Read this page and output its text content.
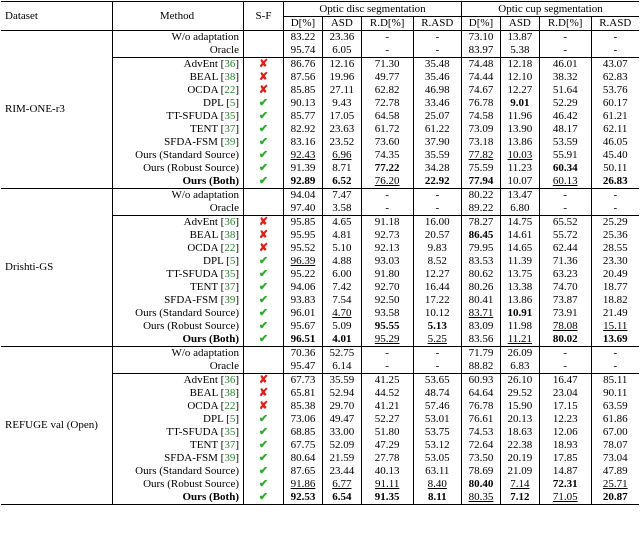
Dataset	Method	S-F	Optic disc segmentation				Optic cup segmentation			
			D[%]	ASD	R.D[%]	R.ASD	D[%]	ASD	R.D[%]	R.ASD
RIM-ONE-r3	W/o adaptation		83.22	23.36	-	-	73.10	13.87	-	-
	Oracle		95.74	6.05	-	-	83.97	5.38	-	-
	AdvEnt [36]	✘	86.76	12.16	71.30	35.48	74.48	12.18	46.01	43.07
	BEAL [38]	✘	87.56	19.96	49.77	35.46	74.44	12.10	38.32	62.83
	OCDA [22]	✘	85.85	27.11	62.82	46.98	74.67	12.27	51.64	53.76
	DPL [5]	✔	90.13	9.43	72.78	33.46	76.78	9.01	52.29	60.17
	TT-SFUDA [35]	✔	85.77	17.05	64.58	25.07	74.58	11.96	46.42	61.21
	TENT [37]	✔	82.92	23.63	61.72	61.22	73.09	13.90	48.17	62.11
	SFDA-FSM [39]	✔	83.16	23.52	73.60	37.90	73.18	13.86	53.59	46.05
	Ours (Standard Source)	✔	92.43	6.96	74.35	35.59	77.82	10.03	55.91	45.40
	Ours (Robust Source)	✔	91.39	8.71	77.22	34.28	75.59	11.23	60.34	50.11
	Ours (Both)	✔	92.89	6.52	76.20	22.92	77.94	10.07	60.13	26.83
Drishti-GS	W/o adaptation		94.04	7.47	-	-	80.22	13.47	-	-
	Oracle		97.40	3.58	-	-	89.22	6.80	-	-
	AdvEnt [36]	✘	95.85	4.65	91.18	16.00	78.27	14.75	65.52	25.29
	BEAL [38]	✘	95.95	4.81	92.73	20.57	86.45	14.61	55.72	25.36
	OCDA [22]	✘	95.52	5.10	92.13	9.83	79.95	14.65	62.44	28.55
	DPL [5]	✔	96.39	4.88	93.03	8.52	83.53	11.39	71.36	23.30
	TT-SFUDA [35]	✔	95.22	6.00	91.80	12.27	80.62	13.75	63.23	20.49
	TENT [37]	✔	94.06	7.42	92.70	16.44	80.26	13.38	74.70	18.77
	SFDA-FSM [39]	✔	93.83	7.54	92.50	17.22	80.41	13.86	73.87	18.82
	Ours (Standard Source)	✔	96.01	4.70	93.58	10.12	83.71	10.91	73.91	21.49
	Ours (Robust Source)	✔	95.67	5.09	95.55	5.13	83.09	11.98	78.08	15.11
	Ours (Both)	✔	96.51	4.01	95.29	5.25	83.56	11.21	80.02	13.69
REFUGE val (Open)	W/o adaptation		70.36	52.75	-	-	71.79	26.09	-	-
	Oracle		95.47	6.14	-	-	88.82	6.83	-	-
	AdvEnt [36]	✘	67.73	35.59	41.25	53.65	60.93	26.10	16.47	85.11
	BEAL [38]	✘	65.81	52.94	44.52	48.74	64.64	29.52	23.04	90.11
	OCDA [22]	✘	85.38	29.70	41.21	57.46	76.78	15.90	17.15	63.59
	DPL [5]	✔	73.06	49.47	52.27	53.01	76.61	20.13	12.23	61.86
	TT-SFUDA [35]	✔	68.85	33.00	51.80	53.75	74.53	18.63	12.06	67.00
	TENT [37]	✔	67.75	52.09	47.29	53.12	72.64	22.38	18.93	78.07
	SFDA-FSM [39]	✔	80.64	21.59	27.78	53.05	73.50	20.19	17.85	73.04
	Ours (Standard Source)	✔	87.65	23.44	40.13	63.11	78.69	21.09	14.87	47.89
	Ours (Robust Source)	✔	91.86	6.77	91.11	8.40	80.40	7.14	72.31	25.71
	Ours (Both)	✔	92.53	6.54	91.35	8.11	80.35	7.12	71.05	20.87
